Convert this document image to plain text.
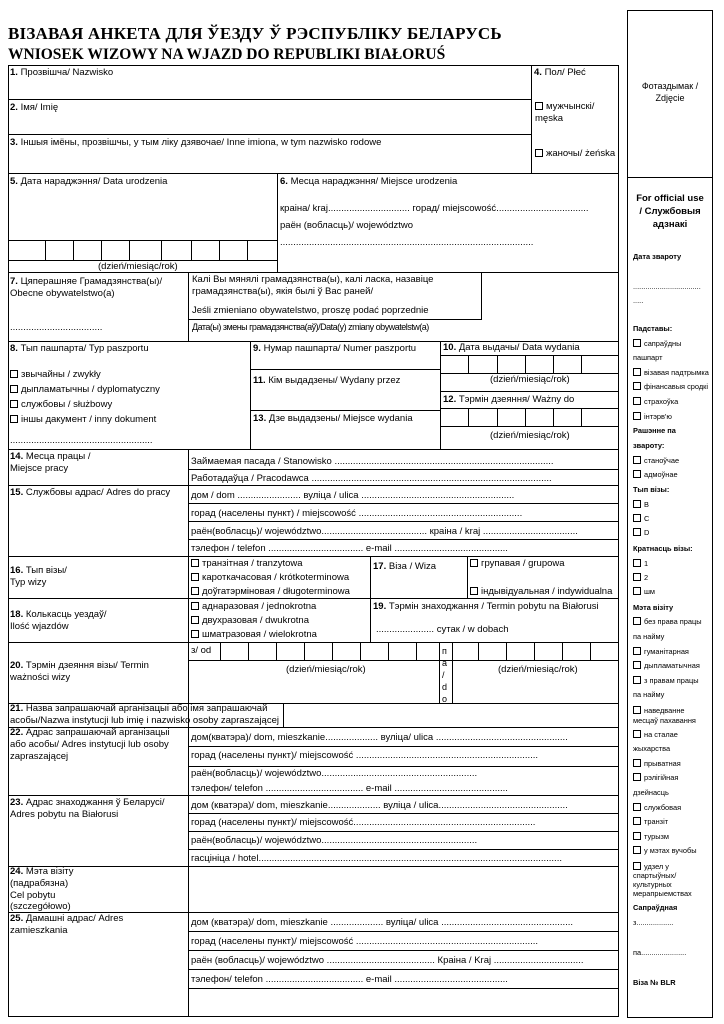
ВІЗАВАЯ АНКЕТА ДЛЯ ЎЕЗДУ Ў РЭСПУБЛІКУ БЕЛАРУСЬ
WNIOSEK WIZOWY NA WJAZD DO REPUBLIKI BIAŁORUŚ
Фотаздымак / Zdjęcie
For official use
/ Службовыя
адзнакі
Дата звароту
.................................
.....
Падставы:
сапраўдны
пашпарт
візавая падтрымка
фінансавыя сродкі
страхоўка
інтэрв'ю
Рашэнне па
звароту:
станоўчае
адмоўнае
Тып візы:
В
С
D
Кратнасць візы:
1
2
шм
Мэта візіту
без права працы
па найму
гуманітарная
дыпламатычная
з правам працы
па найму
наведванне
месцаў пахавання
на сталае
жыхарства
прыватная
рэлігійная
дзейнасць
службовая
транзіт
турызм
у мэтах вучобы
удзел у
спартыўных/
культурных
мерапрыемствах
Сапраўдная
з..................
па......................
Віза № BLR
1. Прозвішча/ Nazwisko
2. Імя/ Imię
3. Іншыя імёны, прозвішчы, у тым ліку дзявочае/ Inne imiona, w tym nazwisko rodowe
4. Пол/ Płeć
мужчынскі/
męska
жаночы/ żeńska
5. Дата нараджэння/ Data urodzenia
(dzień/miesiąc/rok)
6. Месца нараджэння/ Miejsce urodzenia
краіна/ kraj............................... горад/ miejscowość...................................
раён (вобласць)/ województwo
................................................................................................
7. Цяперашняе Грамадзянства(ы)/
Obecne obywatelstwo(a)
...................................
Калі Вы мянялі грамадзянства(ы), калі ласка, назавіце
грамадзянства(ы), якія былі ў Вас раней/
Jeśli zmieniano obywatelstwo, proszę podać poprzednie
Дата(ы) змены грамадзянства(аў)/Data(y) zmiany obywatelstw(a)
8. Тып пашпарта/ Typ paszportu
звычайны / zwykły
дыпламатычны / dyplomatyczny
службовы / służbowy
іншы дакумент / inny dokument
......................................................
9. Нумар пашпарта/ Numer paszportu
11. Кім выдадзены/ Wydany przez
13. Дзе выдадзены/ Miejsce wydania
10. Дата выдачы/ Data wydania
(dzień/miesiąc/rok)
12. Тэрмін дзеяння/ Ważny do
(dzień/miesiąc/rok)
14. Месца працы /
Miejsce pracy
Займаемая пасада / Stanowisko ...................................................................................
Работадаўца / Pracodawca ...........................................................................................
15. Службовы адрас/ Adres do pracy дом / dom ........................ вуліца / ulica ..........................................................
горад (населены пункт) / miejscowość ..............................................................
раён(вобласць)/ województwo........................................ краіна / kraj ....................................
тэлефон / telefon .................................... e-mail ...........................................
16. Тып візы/
Typ wizy
транзітная / tranzytowa
кароткачасовая / krótkoterminowa
доўгатэрміновая / długoterminowa
17. Віза / Wiza	групавая / grupowa
індывідуальная / indywidualna
18. Колькасць уездаў/
Ilość wjazdów
аднаразовая / jednokrotna
двухразовая / dwukrotna
шматразовая / wielokrotna
19. Тэрмін знаходжання / Termin pobytu na Białorusi
...................... сутак / w dobach
20. Тэрмін дзеяння візы/ Termin
ważności wizy
з/ od
(dzień/miesiąc/rok)
п
а
/
d
o
(dzień/miesiąc/rok)
21. Назва запрашаючай арганізацыі або імя запрашаючай
асобы/Nazwa instytucji lub imię i nazwisko osoby zapraszającej
22. Адрас запрашаючай арганізацыі
або асобы/ Adres instytucji lub osoby
zapraszającej
дом(кватэра)/ dom, mieszkanie.................... вуліца/ ulica ..................................................
горад (населены пункт)/ miejscowość .....................................................................
раён(вобласць)/ województwo...........................................................
тэлефон/ telefon ..................................... e-mail ...........................................
23. Адрас знаходжання ў Беларусі/
Adres pobytu na Białorusi
дом (кватэра)/ dom, mieszkanie.................... вуліца / ulica.................................................
горад (населены пункт)/ miejscowość.....................................................................
раён(вобласць)/ województwo...........................................................
гасцініца / hotel...................................................................................................................
24. Мэта візіту
(падрабязна)
Cel pobytu
(szczegółowo)
25. Дамашні адрас/ Adres
zamieszkania
дом (кватэра)/ dom, mieszkanie .................... вуліца/ ulica ..................................................
горад (населены пункт)/ miejscowość .....................................................................
раён (вобласць)/ województwo ......................................... Краіна / Kraj ..................................
тэлефон/ telefon ..................................... e-mail ...........................................
